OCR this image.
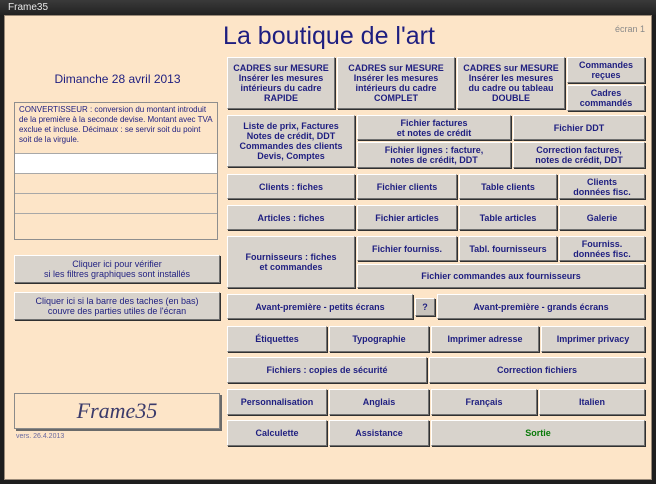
Frame35
écran 1
La boutique de l'art
Dimanche 28 avril 2013
CONVERTISSEUR : conversion du montant introduit de la première à la seconde devise. Montant avec TVA exclue et incluse. Décimaux : se servir soit du point soit de la virgule.
Cliquer ici pour vérifier
si les filtres graphiques sont installés
Cliquer ici si la barre des taches (en bas)
couvre des parties utiles de l'écran
Frame35
vers. 26.4.2013
CADRES sur MESURE
Insérer les mesures
intérieurs du cadre
RAPIDE
CADRES sur MESURE
Insérer les mesures
intérieurs du cadre
COMPLET
CADRES sur MESURE
Insérer les mesures
du cadre ou tableau
DOUBLE
Commandes
reçues
Cadres
commandés
Liste de prix, Factures
Notes de crédit, DDT
Commandes des clients
Devis, Comptes
Fichier factures
et notes de crédit	Fichier DDT
Fichier lignes : facture,
notes de crédit, DDT
Correction factures,
notes de crédit, DDT
Clients : fiches	Fichier clients	Table clients	Clients
données fisc.
Articles : fiches	Fichier articles	Table articles	Galerie
Fournisseurs : fiches
et commandes
Fichier fourniss.	Tabl. fournisseurs	Fourniss.
données fisc.
Fichier commandes aux fournisseurs
Avant-première - petits écrans	?	Avant-première - grands écrans
Étiquettes	Typographie	Imprimer adresse	Imprimer privacy
Fichiers : copies de sécurité	Correction fichiers
Personnalisation	Anglais	Français	Italien
Calculette	Assistance	Sortie
